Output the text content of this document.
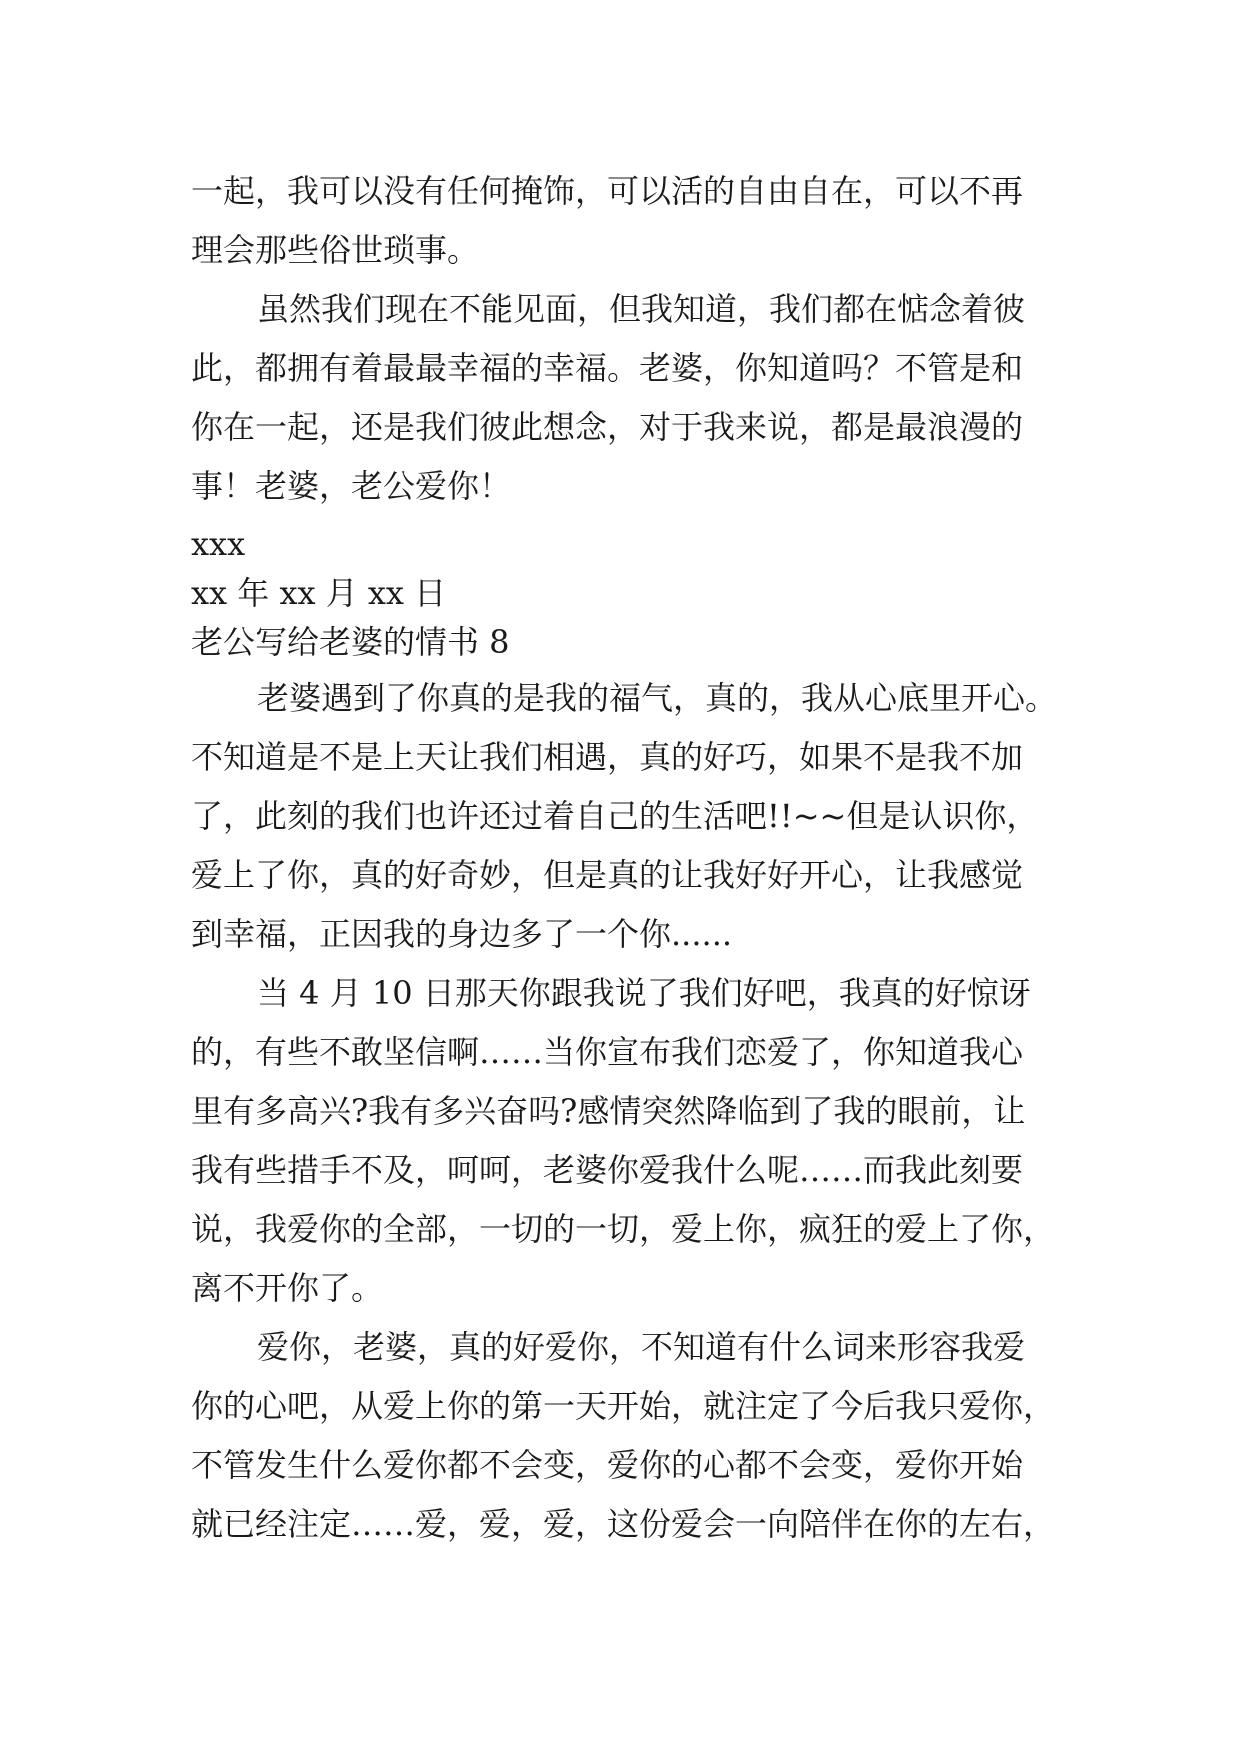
一起，我可以没有任何掩饰，可以活的自由自在，可以不再
理会那些俗世琐事。
虽然我们现在不能见面，但我知道，我们都在惦念着彼
此，都拥有着最最幸福的幸福。老婆，你知道吗？不管是和
你在一起，还是我们彼此想念，对于我来说，都是最浪漫的
事！老婆，老公爱你！
xxx
xx 年 xx 月 xx 日
老公写给老婆的情书 8
老婆遇到了你真的是我的福气，真的，我从心底里开心。
不知道是不是上天让我们相遇，真的好巧，如果不是我不加
了，此刻的我们也许还过着自己的生活吧!!~~但是认识你，
爱上了你，真的好奇妙，但是真的让我好好开心，让我感觉
到幸福，正因我的身边多了一个你......
当 4 月 10 日那天你跟我说了我们好吧，我真的好惊讶
的，有些不敢坚信啊……当你宣布我们恋爱了，你知道我心
里有多高兴?我有多兴奋吗?感情突然降临到了我的眼前，让
我有些措手不及，呵呵，老婆你爱我什么呢……而我此刻要
说，我爱你的全部，一切的一切，爱上你，疯狂的爱上了你，
离不开你了。
爱你，老婆，真的好爱你，不知道有什么词来形容我爱
你的心吧，从爱上你的第一天开始，就注定了今后我只爱你，
不管发生什么爱你都不会变，爱你的心都不会变，爱你开始
就已经注定……爱，爱，爱，这份爱会一向陪伴在你的左右，
